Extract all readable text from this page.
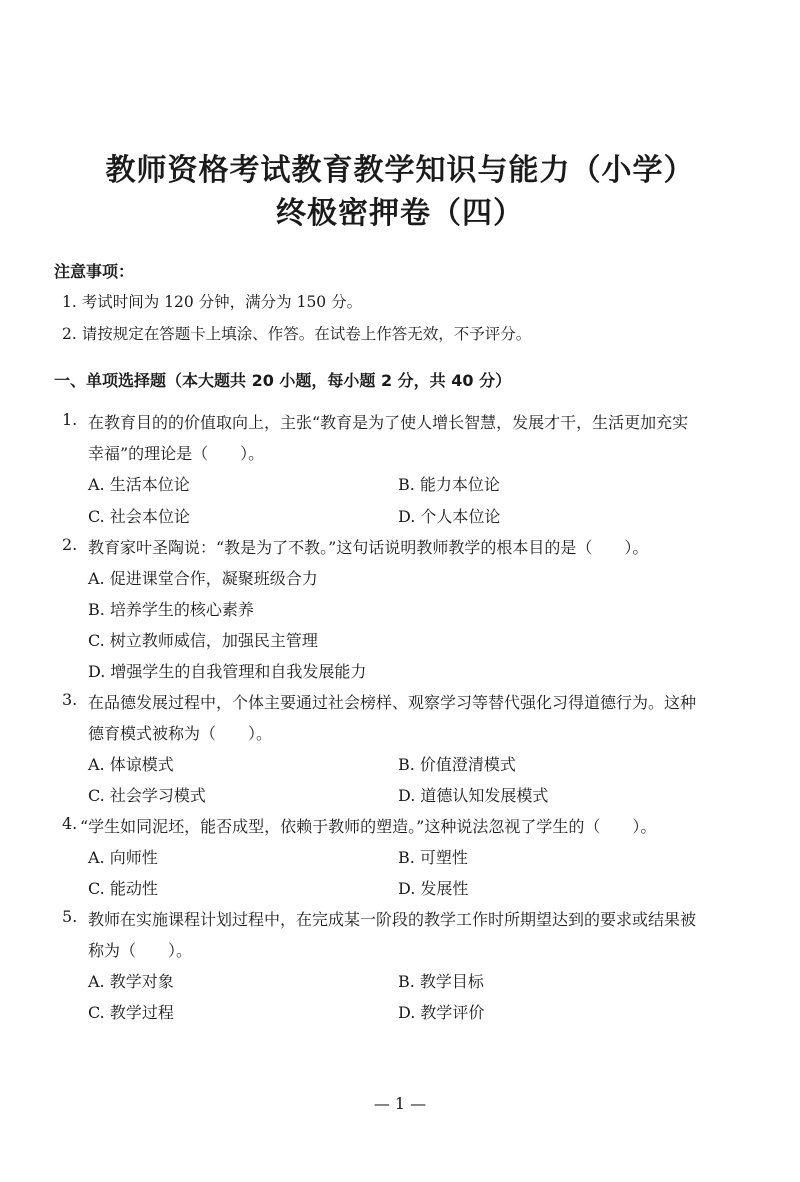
教师资格考试教育教学知识与能力（小学）
终极密押卷（四）
注意事项：
1. 考试时间为 120 分钟，满分为 150 分。
2. 请按规定在答题卡上填涂、作答。在试卷上作答无效，不予评分。
一、单项选择题（本大题共 20 小题，每小题 2 分，共 40 分）
1. 在教育目的的价值取向上，主张“教育是为了使人增长智慧，发展才干，生活更加充实
幸福”的理论是（　　）。
A. 生活本位论	B. 能力本位论
C. 社会本位论	D. 个人本位论
2. 教育家叶圣陶说：“教是为了不教。”这句话说明教师教学的根本目的是（　　）。
A. 促进课堂合作，凝聚班级合力
B. 培养学生的核心素养
C. 树立教师威信，加强民主管理
D. 增强学生的自我管理和自我发展能力
3. 在品德发展过程中，个体主要通过社会榜样、观察学习等替代强化习得道德行为。这种
德育模式被称为（　　）。
A. 体谅模式	B. 价值澄清模式
C. 社会学习模式	D. 道德认知发展模式
4. “学生如同泥坯，能否成型，依赖于教师的塑造。”这种说法忽视了学生的（　　）。
A. 向师性	B. 可塑性
C. 能动性	D. 发展性
5. 教师在实施课程计划过程中，在完成某一阶段的教学工作时所期望达到的要求或结果被
称为（　　）。
A. 教学对象	B. 教学目标
C. 教学过程	D. 教学评价
— 1 —
